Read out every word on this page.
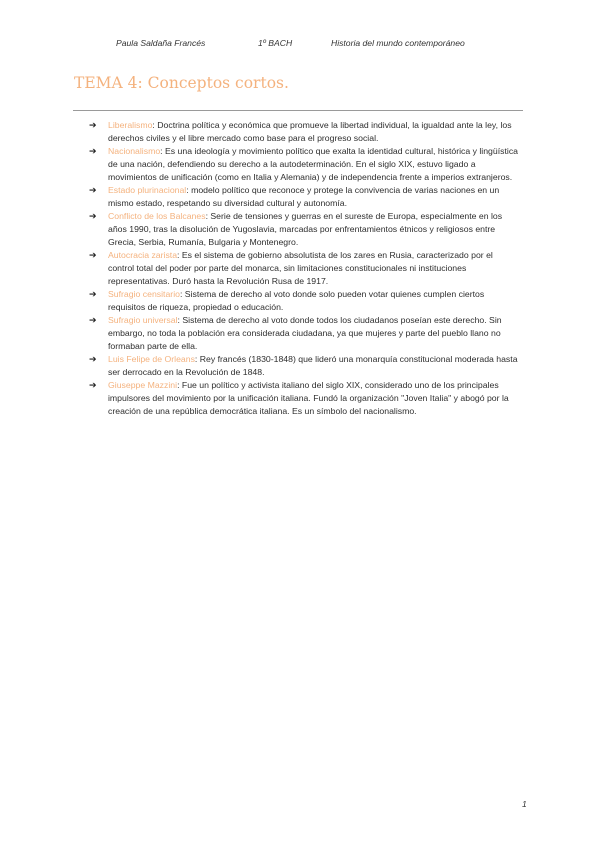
Paula Saldaña Francés	1º BACH	Historia del mundo contemporáneo
TEMA 4: Conceptos cortos.
➔ Liberalismo: Doctrina política y económica que promueve la libertad individual, la igualdad ante la ley, los derechos civiles y el libre mercado como base para el progreso social.
➔ Nacionalismo: Es una ideología y movimiento político que exalta la identidad cultural, histórica y lingüística de una nación, defendiendo su derecho a la autodeterminación. En el siglo XIX, estuvo ligado a movimientos de unificación (como en Italia y Alemania) y de independencia frente a imperios extranjeros.
➔ Estado plurinacional: modelo político que reconoce y protege la convivencia de varias naciones en un mismo estado, respetando su diversidad cultural y autonomía.
➔ Conflicto de los Balcanes: Serie de tensiones y guerras en el sureste de Europa, especialmente en los años 1990, tras la disolución de Yugoslavia, marcadas por enfrentamientos étnicos y religiosos entre Grecia, Serbia, Rumanía, Bulgaria y Montenegro.
➔ Autocracia zarista: Es el sistema de gobierno absolutista de los zares en Rusia, caracterizado por el control total del poder por parte del monarca, sin limitaciones constitucionales ni instituciones representativas. Duró hasta la Revolución Rusa de 1917.
➔ Sufragio censitario: Sistema de derecho al voto donde solo pueden votar quienes cumplen ciertos requisitos de riqueza, propiedad o educación.
➔ Sufragio universal: Sistema de derecho al voto donde todos los ciudadanos poseían este derecho. Sin embargo, no toda la población era considerada ciudadana, ya que mujeres y parte del pueblo llano no formaban parte de ella.
➔ Luis Felipe de Orleans: Rey francés (1830-1848) que lideró una monarquía constitucional moderada hasta ser derrocado en la Revolución de 1848.
➔ Giuseppe Mazzini: Fue un político y activista italiano del siglo XIX, considerado uno de los principales impulsores del movimiento por la unificación italiana. Fundó la organización "Joven Italia" y abogó por la creación de una república democrática italiana. Es un símbolo del nacionalismo.
1
